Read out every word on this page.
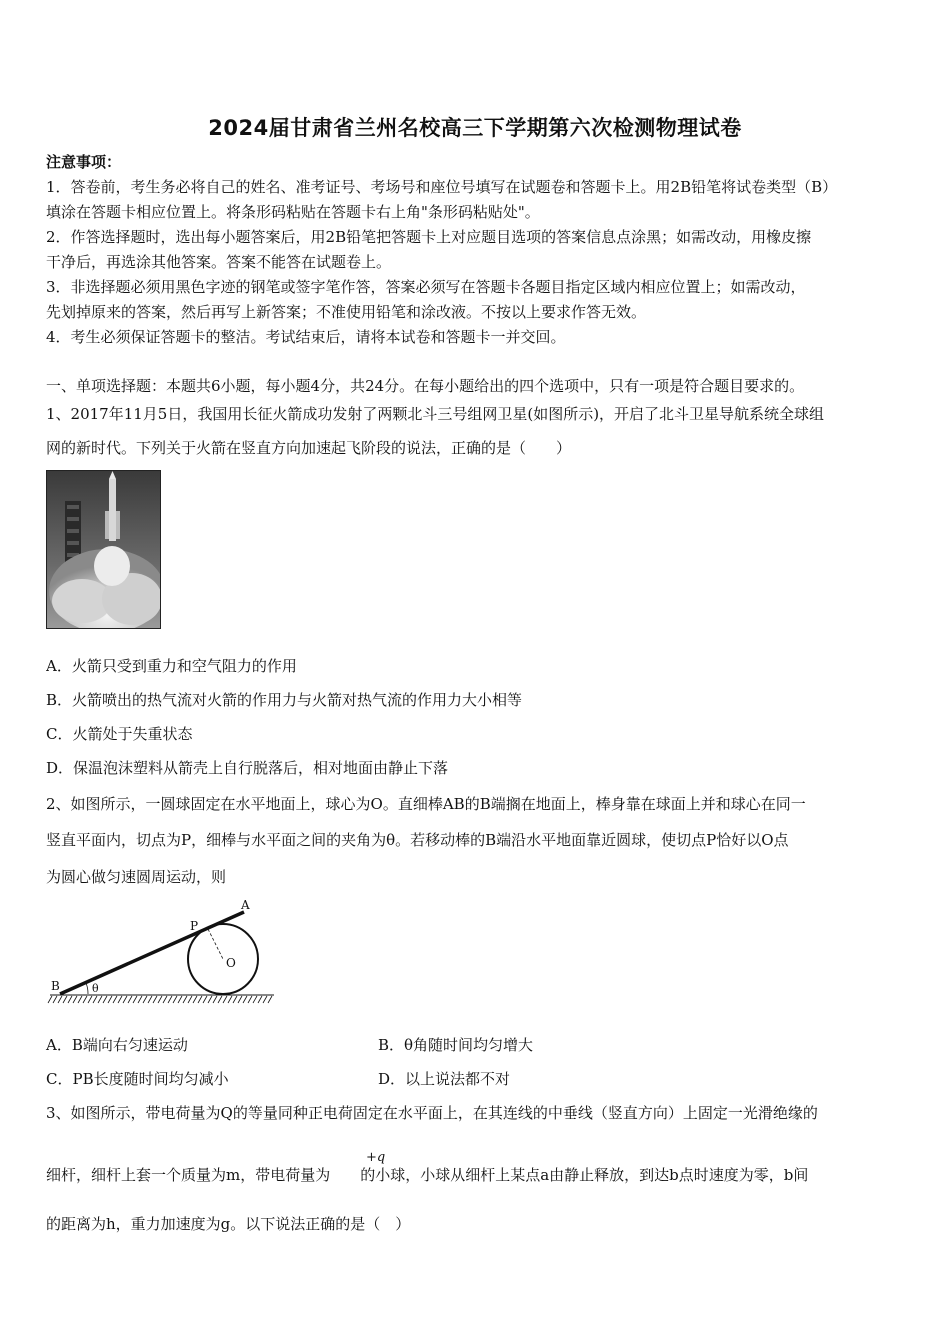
2024届甘肃省兰州名校高三下学期第六次检测物理试卷
注意事项：
1．答卷前，考生务必将自己的姓名、准考证号、考场号和座位号填写在试题卷和答题卡上。用2B铅笔将试卷类型（B）
填涂在答题卡相应位置上。将条形码粘贴在答题卡右上角"条形码粘贴处"。
2．作答选择题时，选出每小题答案后，用2B铅笔把答题卡上对应题目选项的答案信息点涂黑；如需改动，用橡皮擦
干净后，再选涂其他答案。答案不能答在试题卷上。
3．非选择题必须用黑色字迹的钢笔或签字笔作答，答案必须写在答题卡各题目指定区域内相应位置上；如需改动，
先划掉原来的答案，然后再写上新答案；不准使用铅笔和涂改液。不按以上要求作答无效。
4．考生必须保证答题卡的整洁。考试结束后，请将本试卷和答题卡一并交回。
一、单项选择题：本题共6小题，每小题4分，共24分。在每小题给出的四个选项中，只有一项是符合题目要求的。
1、2017年11月5日，我国用长征火箭成功发射了两颗北斗三号组网卫星(如图所示)，开启了北斗卫星导航系统全球组
网的新时代。下列关于火箭在竖直方向加速起飞阶段的说法，正确的是（　　）
A．火箭只受到重力和空气阻力的作用
B．火箭喷出的热气流对火箭的作用力与火箭对热气流的作用力大小相等
C．火箭处于失重状态
D．保温泡沫塑料从箭壳上自行脱落后，相对地面由静止下落
2、如图所示，一圆球固定在水平地面上，球心为O。直细棒AB的B端搁在地面上，棒身靠在球面上并和球心在同一
竖直平面内，切点为P，细棒与水平面之间的夹角为θ。若移动棒的B端沿水平地面靠近圆球，使切点P恰好以O点
为圆心做匀速圆周运动，则
A
B
P
O
θ
A．B端向右匀速运动	B．θ角随时间均匀增大
C．PB长度随时间均匀减小	D．以上说法都不对
3、如图所示，带电荷量为Q的等量同种正电荷固定在水平面上，在其连线的中垂线（竖直方向）上固定一光滑绝缘的
+q
细杆，细杆上套一个质量为m，带电荷量为　　的小球，小球从细杆上某点a由静止释放，到达b点时速度为零，b间
的距离为h，重力加速度为g。以下说法正确的是（　）
